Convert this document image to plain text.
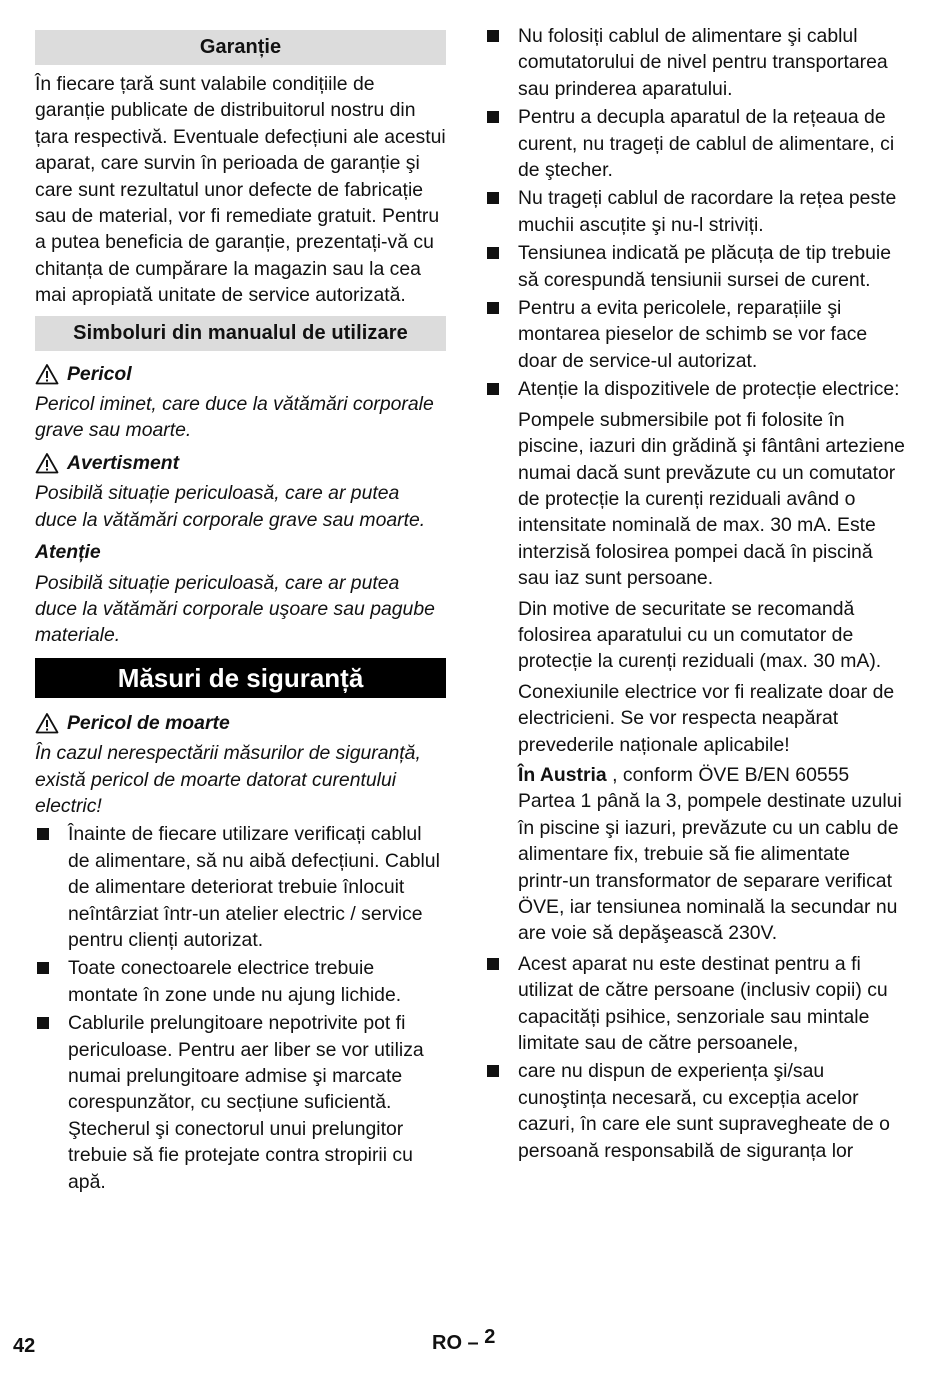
Garanție

În fiecare țară sunt valabile condițiile de garanție publicate de distribuitorul nostru din țara respectivă. Eventuale defecțiuni ale acestui aparat, care survin în perioada de garanție şi care sunt rezultatul unor defecte de fabricație sau de material, vor fi remediate gratuit. Pentru a putea beneficia de garanție, prezentați-vă cu chitanța de cumpărare la magazin sau la cea mai apropiată unitate de service autorizată.

Simboluri din manualul de utilizare
Pericol

Pericol iminet, care duce la vătămări corporale grave sau moarte.

Avertisment

Posibilă situație periculoasă, care ar putea duce la vătămări corporale grave sau moarte.

Atenție

Posibilă situație periculoasă, care ar putea duce la vătămări corporale uşoare sau pagube materiale.

Măsuri de siguranță
Pericol de moarte

În cazul nerespectării măsurilor de siguranță, există pericol de moarte datorat curentului electric!

Înainte de fiecare utilizare verificați cablul de alimentare, să nu aibă defecțiuni. Cablul de alimentare deteriorat trebuie înlocuit neîntârziat într-un atelier electric / service pentru clienți autorizat.
Toate conectoarele electrice trebuie montate în zone unde nu ajung lichide.
Cablurile prelungitoare nepotrivite pot fi periculoase. Pentru aer liber se vor utiliza numai prelungitoare admise şi marcate corespunzător, cu secțiune suficientă. Ştecherul şi conectorul unui prelungitor trebuie să fie protejate contra stropirii cu apă.
Nu folosiți cablul de alimentare şi cablul comutatorului de nivel pentru transportarea sau prinderea aparatului.
Pentru a decupla aparatul de la rețeaua de curent, nu trageți de cablul de alimentare, ci de ştecher.
Nu trageți cablul de racordare la rețea peste muchii ascuțite şi nu-l striviți.
Tensiunea indicată pe plăcuța de tip trebuie să corespundă tensiunii sursei de curent.
Pentru a evita pericolele, reparațiile şi montarea pieselor de schimb se vor face doar de service-ul autorizat.
Atenție la dispozitivele de protecție electrice:

Pompele submersibile pot fi folosite în piscine, iazuri din grădină şi fântâni arteziene numai dacă sunt prevăzute cu un comutator de protecție la curenți reziduali având o intensitate nominală de max. 30 mA. Este interzisă folosirea pompei dacă în piscină sau iaz sunt persoane.

Din motive de securitate se recomandă folosirea aparatului cu un comutator de protecție la curenți reziduali (max. 30 mA).

Conexiunile electrice vor fi realizate doar de electricieni. Se vor respecta neapărat prevederile naționale aplicabile!

În Austria , conform ÖVE B/EN 60555 Partea 1 până la 3, pompele destinate uzului în piscine şi iazuri, prevăzute cu un cablu de alimentare fix, trebuie să fie alimentate printr-un transformator de separare verificat ÖVE, iar tensiunea nominală la secundar nu are voie să depăşească 230V.

Acest aparat nu este destinat pentru a fi utilizat de către persoane (inclusiv copii) cu capacități psihice, senzoriale sau mintale limitate sau de către persoanele,
care nu dispun de experiența şi/sau cunoştința necesară, cu excepția acelor cazuri, în care ele sunt supravegheate de o persoană responsabilă de siguranța lor
42	RO – 2
